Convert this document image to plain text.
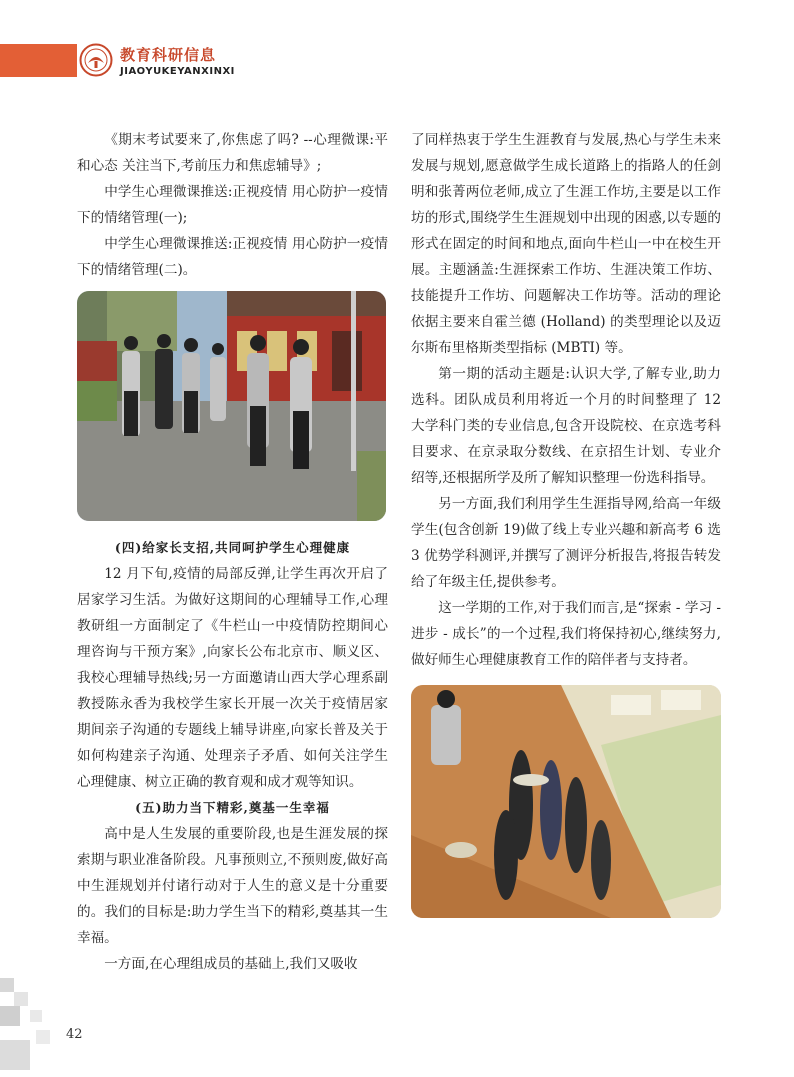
教育科研信息
JIAOYUKEYANXINXI

《期末考试要来了,你焦虑了吗? --心理微课:平和心态 关注当下,考前压力和焦虑辅导》;

中学生心理微课推送:正视疫情 用心防护一疫情下的情绪管理(一);

中学生心理微课推送:正视疫情 用心防护一疫情下的情绪管理(二)。

(四)给家长支招,共同呵护学生心理健康

12 月下旬,疫情的局部反弹,让学生再次开启了居家学习生活。为做好这期间的心理辅导工作,心理教研组一方面制定了《牛栏山一中疫情防控期间心理咨询与干预方案》,向家长公布北京市、顺义区、我校心理辅导热线;另一方面邀请山西大学心理系副教授陈永香为我校学生家长开展一次关于疫情居家期间亲子沟通的专题线上辅导讲座,向家长普及关于如何构建亲子沟通、处理亲子矛盾、如何关注学生心理健康、树立正确的教育观和成才观等知识。

(五)助力当下精彩,奠基一生幸福

高中是人生发展的重要阶段,也是生涯发展的探索期与职业准备阶段。凡事预则立,不预则废,做好高中生涯规划并付诸行动对于人生的意义是十分重要的。我们的目标是:助力学生当下的精彩,奠基其一生幸福。

一方面,在心理组成员的基础上,我们又吸收

了同样热衷于学生生涯教育与发展,热心与学生未来发展与规划,愿意做学生成长道路上的指路人的任剑明和张菁两位老师,成立了生涯工作坊,主要是以工作坊的形式,围绕学生生涯规划中出现的困惑,以专题的形式在固定的时间和地点,面向牛栏山一中在校生开展。主题涵盖:生涯探索工作坊、生涯决策工作坊、技能提升工作坊、问题解决工作坊等。活动的理论依据主要来自霍兰德 (Holland) 的类型理论以及迈尔斯布里格斯类型指标 (MBTI) 等。

第一期的活动主题是:认识大学,了解专业,助力选科。团队成员利用将近一个月的时间整理了 12 大学科门类的专业信息,包含开设院校、在京选考科目要求、在京录取分数线、在京招生计划、专业介绍等,还根据所学及所了解知识整理一份选科指导。

另一方面,我们利用学生生涯指导网,给高一年级学生(包含创新 19)做了线上专业兴趣和新高考 6 选 3 优势学科测评,并撰写了测评分析报告,将报告转发给了年级主任,提供参考。

这一学期的工作,对于我们而言,是“探索 - 学习 - 进步 - 成长”的一个过程,我们将保持初心,继续努力,做好师生心理健康教育工作的陪伴者与支持者。

42
